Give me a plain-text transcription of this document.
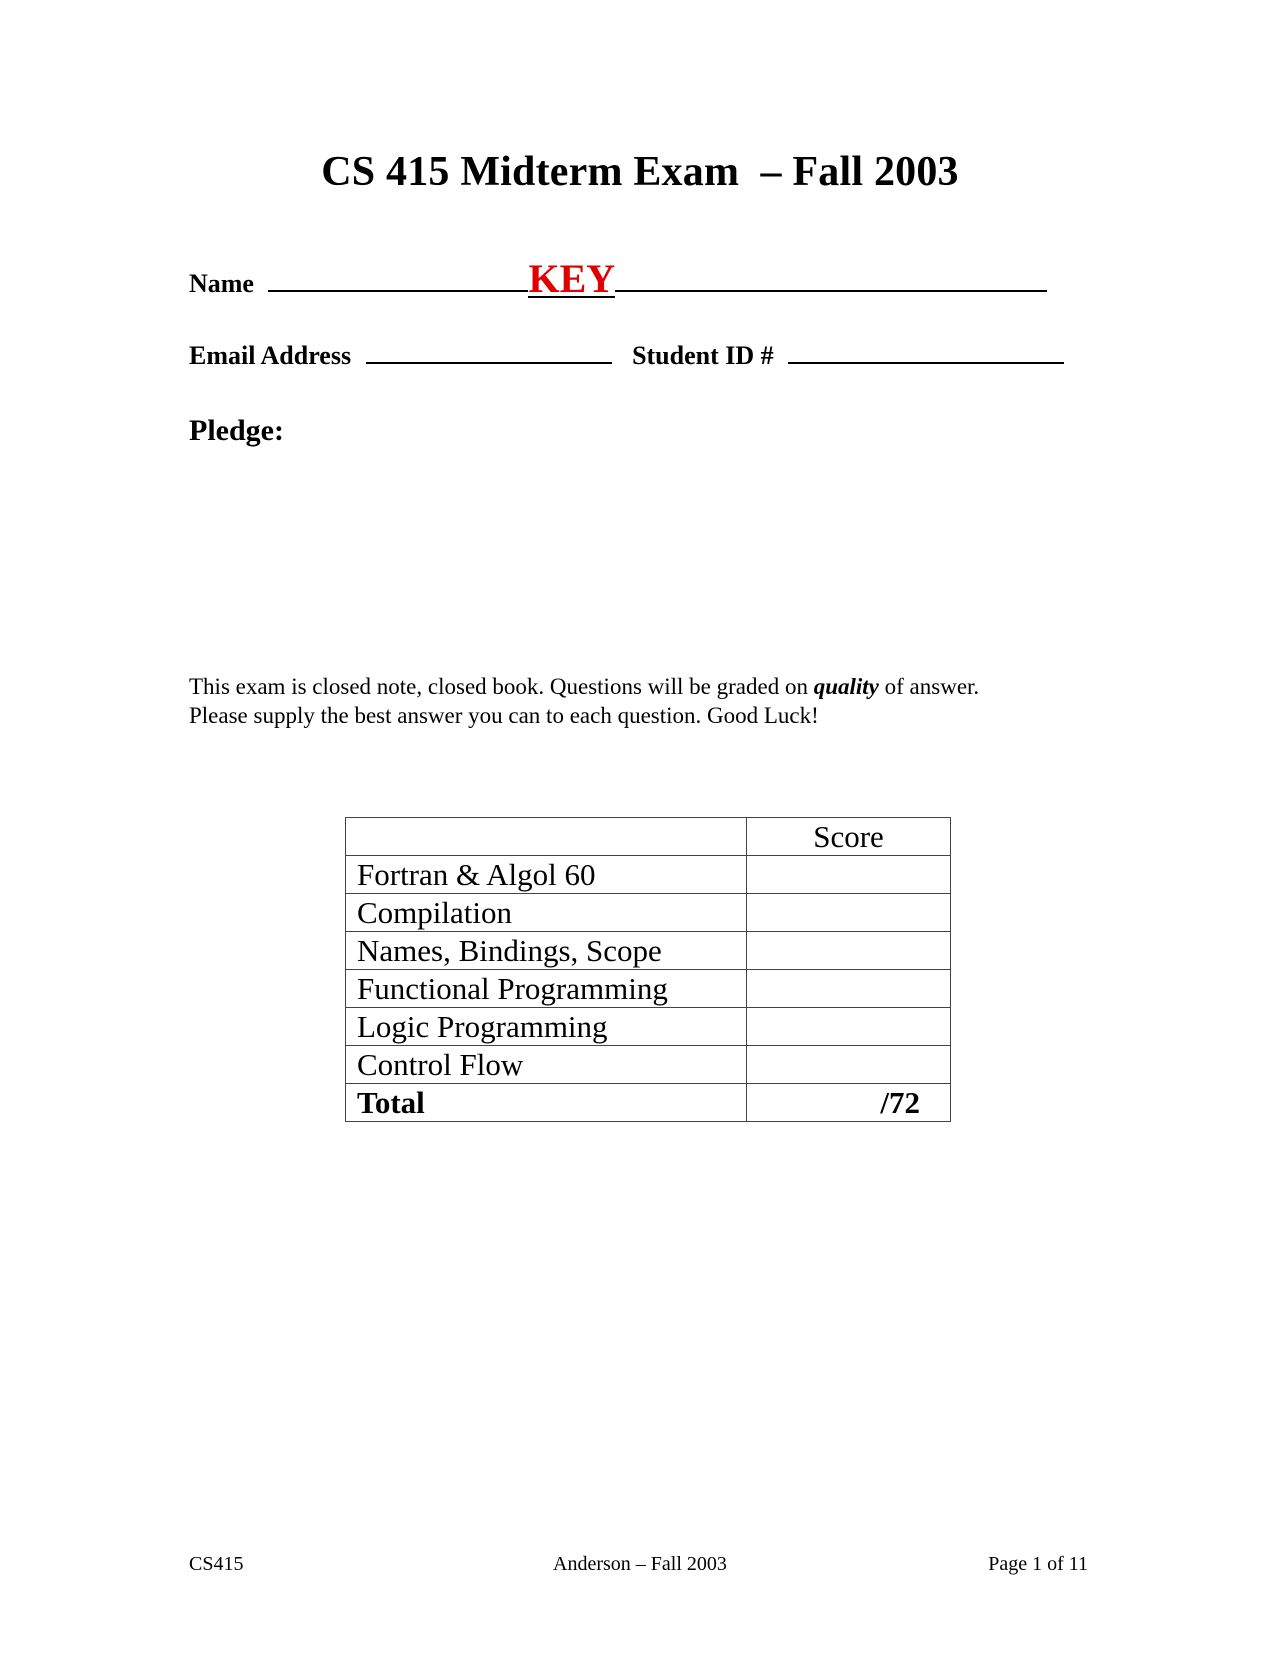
CS 415 Midterm Exam  – Fall 2003
Name	KEY
Email Address	Student ID #

Pledge:

This exam is closed note, closed book. Questions will be graded on quality of answer.
Please supply the best answer you can to each question. Good Luck!

	Score
Fortran & Algol 60	
Compilation	
Names, Bindings, Scope	
Functional Programming	
Logic Programming	
Control Flow	
Total	/72
CS415	Anderson – Fall 2003	Page 1 of 11
